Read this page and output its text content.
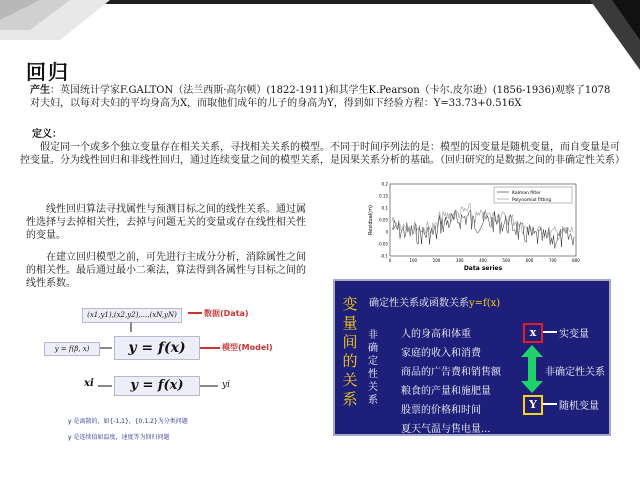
回归
产生：英国统计学家F.GALTON（法兰西斯·高尔顿）(1822-1911)和其学生K.Pearson（卡尔.皮尔逊）(1856-1936)观察了1078对夫妇，以每对夫妇的平均身高为X，而取他们成年的儿子的身高为Y，得到如下经验方程：Y=33.73+0.516X
定义：
　　假定同一个或多个独立变量存在相关关系，寻找相关关系的模型。不同于时间序列法的是：模型的因变量是随机变量，而自变量是可控变量。分为线性回归和非线性回归，通过连续变量之间的模型关系，是因果关系分析的基础。（回归研究的是数据之间的非确定性关系）
　　线性回归算法寻找属性与预测目标之间的线性关系。通过属性选择与去掉相关性，去掉与问题无关的变量或存在线性相关性的变量。
　　在建立回归模型之前，可先进行主成分分析，消除属性之间的相关性。最后通过最小二乘法，算法得到各属性与目标之间的线性系数。
-0.1
-0.05
0
0.05
0.1
0.15
0.2
0	100	200	300	400	500	600	700	800
Kalman filter
Polynomial fitting
Data series
Residual(m)
(x1,y1),(x2,y2),...,(xN,yN)	数据(Data)
y = f(β, x)	y = f(x)	模型(Model)
xi	y = f(x)	yi
y 是离散的，如{-1,1}，{0,1,2}为分类问题
y 是连续值如温度，速度等为回归问题
变
量
间
的
关
系
非
确
定
性
关
系
确定性关系或函数关系y=f(x)
人的身高和体重
家庭的收入和消费
商品的广告费和销售额
粮食的产量和施肥量
股票的价格和时间
夏天气温与售电量...
x	实变量
非确定性关系
Y	随机变量
